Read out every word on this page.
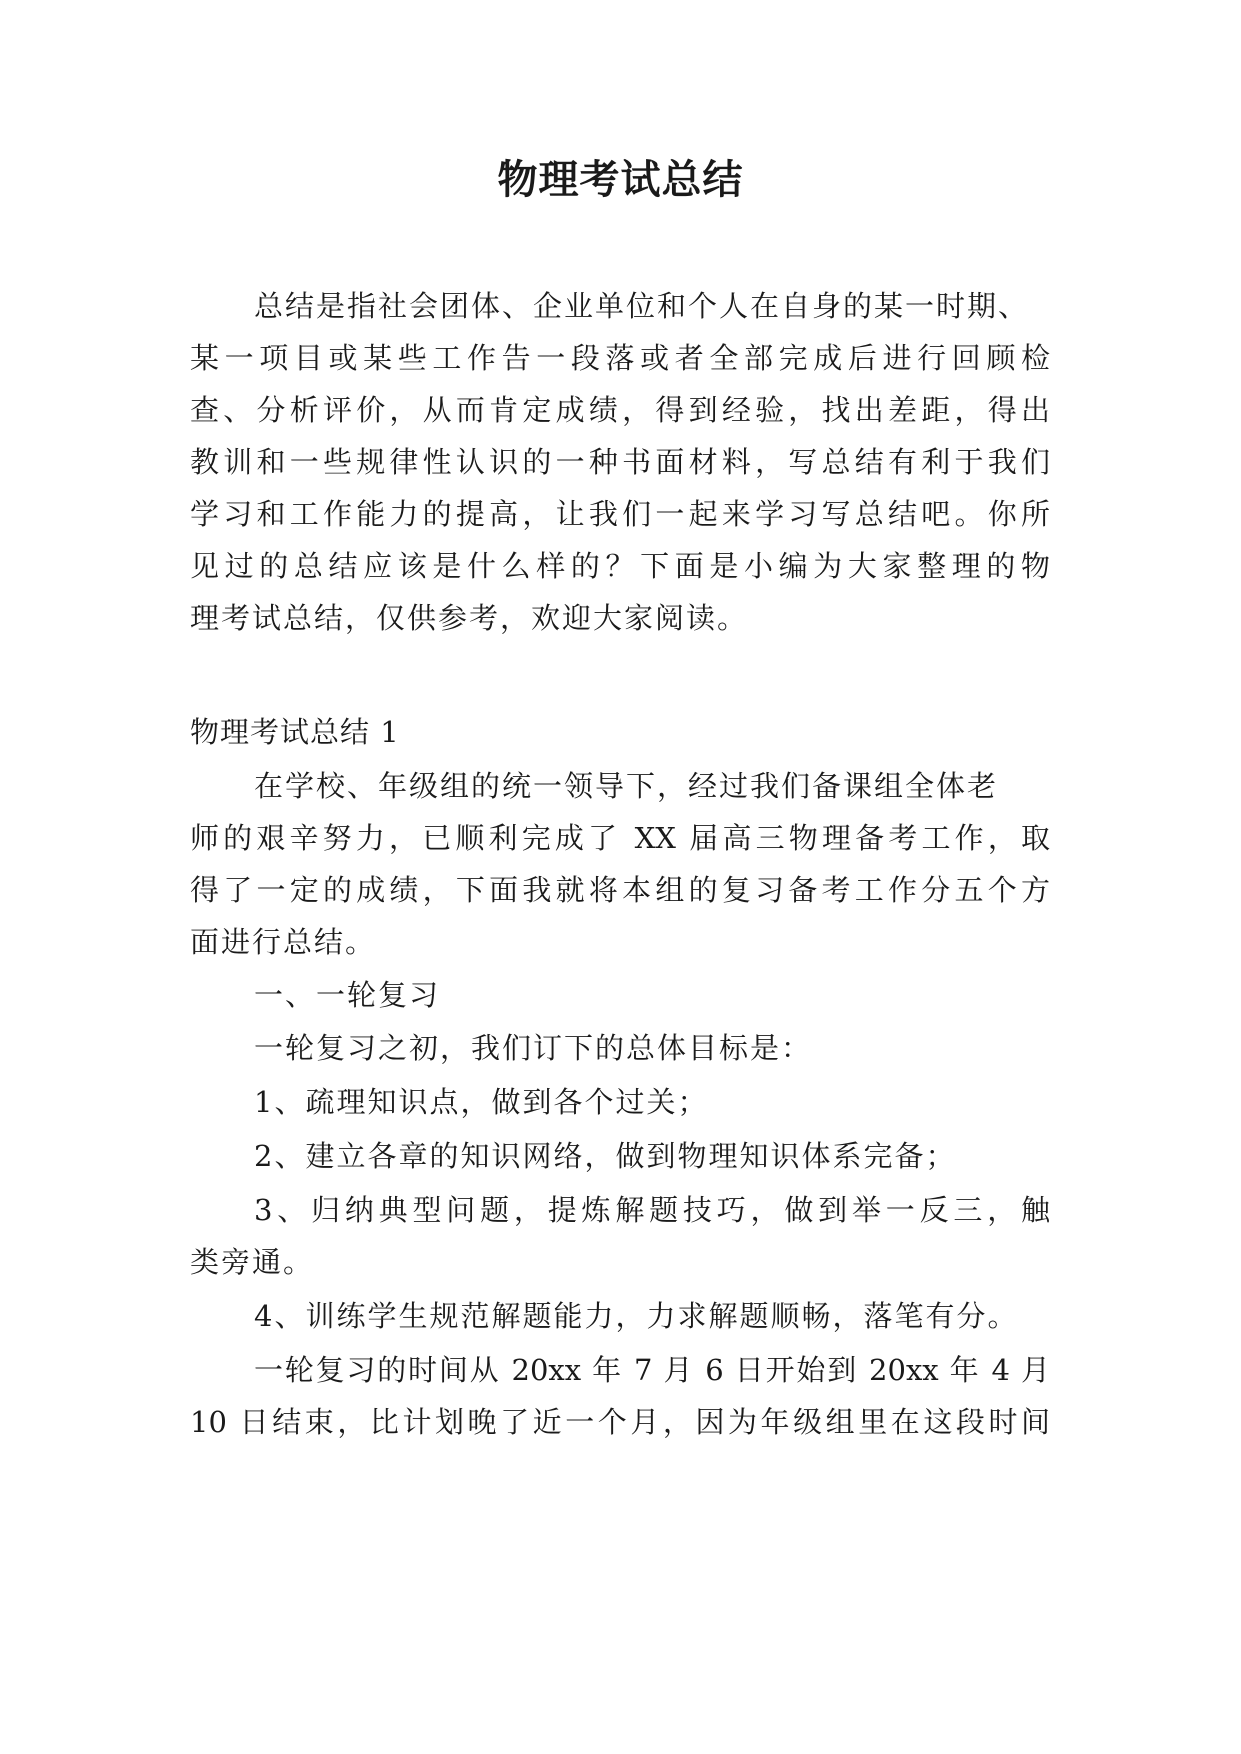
物理考试总结

总结是指社会团体、企业单位和个人在自身的某一时期、

某一项目或某些工作告一段落或者全部完成后进行回顾检

查、分析评价，从而肯定成绩，得到经验，找出差距，得出

教训和一些规律性认识的一种书面材料，写总结有利于我们

学习和工作能力的提高，让我们一起来学习写总结吧。你所

见过的总结应该是什么样的？下面是小编为大家整理的物

理考试总结，仅供参考，欢迎大家阅读。

物理考试总结 1

在学校、年级组的统一领导下，经过我们备课组全体老

师的艰辛努力，已顺利完成了 XX 届高三物理备考工作，取

得了一定的成绩，下面我就将本组的复习备考工作分五个方

面进行总结。

一、一轮复习

一轮复习之初，我们订下的总体目标是：

1、疏理知识点，做到各个过关；

2、建立各章的知识网络，做到物理知识体系完备；

3、归纳典型问题，提炼解题技巧，做到举一反三，触

类旁通。

4、训练学生规范解题能力，力求解题顺畅，落笔有分。

一轮复习的时间从 20xx 年 7 月 6 日开始到 20xx 年 4 月

10 日结束，比计划晚了近一个月，因为年级组里在这段时间
